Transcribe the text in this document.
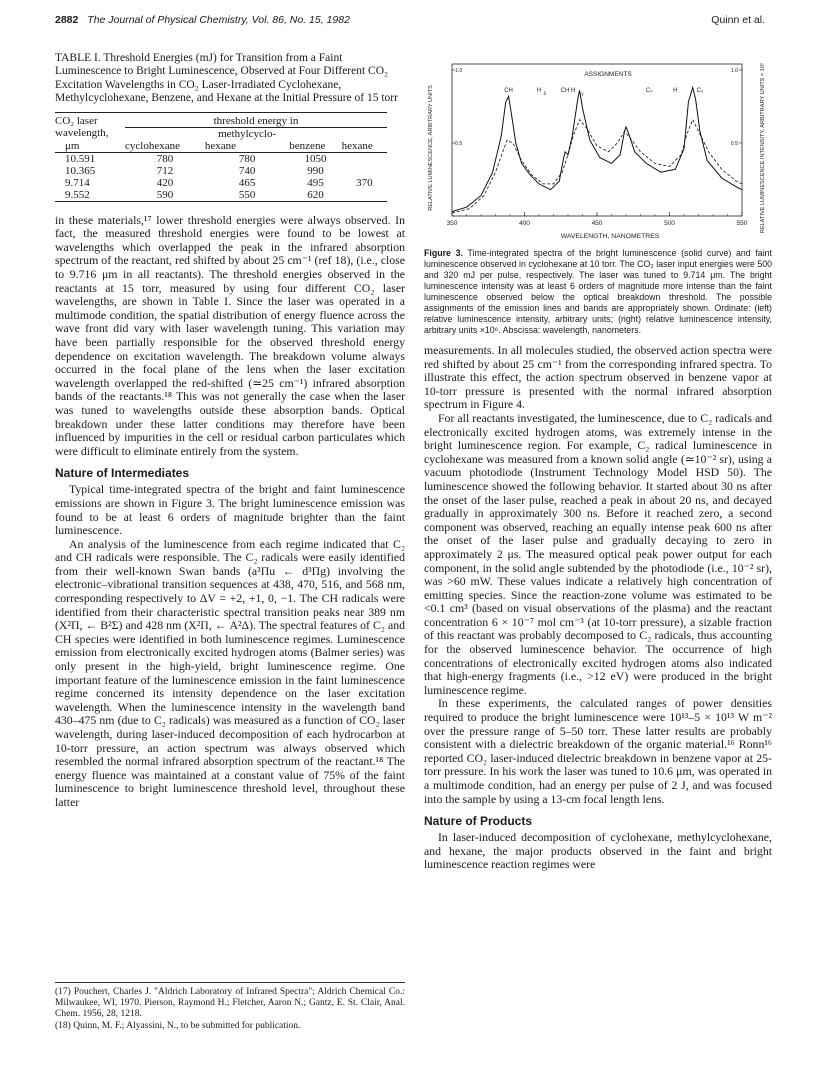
2882 The Journal of Physical Chemistry, Vol. 86, No. 15, 1982	Quinn et al.

TABLE I. Threshold Energies (mJ) for Transition from a Faint Luminescence to Bright Luminescence, Observed at Four Different CO₂ Excitation Wavelengths in CO₂ Laser-Irradiated Cyclohexane, Methylcyclohexane, Benzene, and Hexane at the Initial Pressure of 15 torr

CO₂ laser	threshold energy in			
wavelength,		methylcyclo-		
μm	cyclohexane	hexane	benzene	hexane

10.591	780	780	1050	
10.365	712	740	990	
9.714	420	465	495	370
9.552	590	550	620	

in these materials,¹⁷ lower threshold energies were always observed. In fact, the measured threshold energies were found to be lowest at wavelengths which overlapped the peak in the infrared absorption spectrum of the reactant, red shifted by about 25 cm⁻¹ (ref 18), (i.e., close to 9.716 μm in all reactants). The threshold energies observed in the reactants at 15 torr, measured by using four different CO₂ laser wavelengths, are shown in Table I. Since the laser was operated in a multimode condition, the spatial distribution of energy fluence across the wave front did vary with laser wavelength tuning. This variation may have been partially responsible for the observed threshold energy dependence on excitation wavelength. The breakdown volume always occurred in the focal plane of the lens when the laser excitation wavelength overlapped the red-shifted (≃25 cm⁻¹) infrared absorption bands of the reactants.¹⁸ This was not generally the case when the laser was tuned to wavelengths outside these absorption bands. Optical breakdown under these latter conditions may therefore have been influenced by impurities in the cell or residual carbon particulates which were difficult to eliminate entirely from the system.

Nature of Intermediates

Typical time-integrated spectra of the bright and faint luminescence emissions are shown in Figure 3. The bright luminescence emission was found to be at least 6 orders of magnitude brighter than the faint luminescence.

An analysis of the luminescence from each regime indicated that C₂ and CH radicals were responsible. The C₂ radicals were easily identified from their well-known Swan bands (a³Πu ← d³Πg) involving the electronic–vibrational transition sequences at 438, 470, 516, and 568 nm, corresponding respectively to ΔV = +2, +1, 0, −1. The CH radicals were identified from their characteristic spectral transition peaks near 389 nm (X²Π, ← B²Σ) and 428 nm (X²Π, ← A²Δ). The spectral features of C₂ and CH species were identified in both luminescence regimes. Luminescence emission from electronically excited hydrogen atoms (Balmer series) was only present in the high-yield, bright luminescence regime. One important feature of the luminescence emission in the faint luminescence regime concerned its intensity dependence on the laser excitation wavelength. When the luminescence intensity in the wavelength band 430–475 nm (due to C₂ radicals) was measured as a function of CO₂ laser wavelength, during laser-induced decomposition of each hydrocarbon at 10-torr pressure, an action spectrum was always observed which resembled the normal infrared absorption spectrum of the reactant.¹⁸ The energy fluence was maintained at a constant value of 75% of the faint luminescence to bright luminescence threshold level, throughout these latter

(17) Pouchert, Charles J. "Aldrich Laboratory of Infrared Spectra"; Aldrich Chemical Co.: Milwaukee, WI, 1970. Pierson, Raymond H.; Fletcher, Aaron N.; Gantz, E. St. Clair, Anal. Chem. 1956, 28, 1218.

(18) Quinn, M. F.; Alyassini, N., to be submitted for publication.

RELATIVE LUMINESCENCE, ARBITRARY UNITS	RELATIVE LUMINESCENCE INTENSITY, ARBITRARY UNITS × 10⁶
ASSIGNMENTS
WAVELENGTH, NANOMETRES
350	400	450	500	550
0.5	0.5
1.0	1.0
CH	H	CH H	C₂	H	C₂
δ	γ
Figure 3. Time-integrated spectra of the bright luminescence (solid curve) and faint luminescence observed in cyclohexane at 10 torr. The CO₂ laser input energies were 500 and 320 mJ per pulse, respectively. The laser was tuned to 9.714 μm. The bright luminescence intensity was at least 6 orders of magnitude more intense than the faint luminescence observed below the optical breakdown threshold. The possible assignments of the emission lines and bands are appropriately shown. Ordinate: (left) relative luminescence intensity, arbitrary units; (right) relative luminescence intensity, arbitrary units ×10⁶. Abscissa: wavelength, nanometers.

measurements. In all molecules studied, the observed action spectra were red shifted by about 25 cm⁻¹ from the corresponding infrared spectra. To illustrate this effect, the action spectrum observed in benzene vapor at 10-torr pressure is presented with the normal infrared absorption spectrum in Figure 4.

For all reactants investigated, the luminescence, due to C₂ radicals and electronically excited hydrogen atoms, was extremely intense in the bright luminescence region. For example, C₂ radical luminescence in cyclohexane was measured from a known solid angle (≃10⁻² sr), using a vacuum photodiode (Instrument Technology Model HSD 50). The luminescence showed the following behavior. It started about 30 ns after the onset of the laser pulse, reached a peak in about 20 ns, and decayed gradually in approximately 300 ns. Before it reached zero, a second component was observed, reaching an equally intense peak 600 ns after the onset of the laser pulse and gradually decaying to zero in approximately 2 μs. The measured optical peak power output for each component, in the solid angle subtended by the photodiode (i.e., 10⁻² sr), was >60 mW. These values indicate a relatively high concentration of emitting species. Since the reaction-zone volume was estimated to be <0.1 cm³ (based on visual observations of the plasma) and the reactant concentration 6 × 10⁻⁷ mol cm⁻³ (at 10-torr pressure), a sizable fraction of this reactant was probably decomposed to C₂ radicals, thus accounting for the observed luminescence behavior. The occurrence of high concentrations of electronically excited hydrogen atoms also indicated that high-energy fragments (i.e., >12 eV) were produced in the bright luminescence regime.

In these experiments, the calculated ranges of power densities required to produce the bright luminescence were 10¹³–5 × 10¹³ W m⁻² over the pressure range of 5–50 torr. These latter results are probably consistent with a dielectric breakdown of the organic material.¹⁶ Ronn¹⁶ reported CO₂ laser-induced dielectric breakdown in benzene vapor at 25-torr pressure. In his work the laser was tuned to 10.6 μm, was operated in a multimode condition, had an energy per pulse of 2 J, and was focused into the sample by using a 13-cm focal length lens.

Nature of Products

In laser-induced decomposition of cyclohexane, methylcyclohexane, and hexane, the major products observed in the faint and bright luminescence reaction regimes were
